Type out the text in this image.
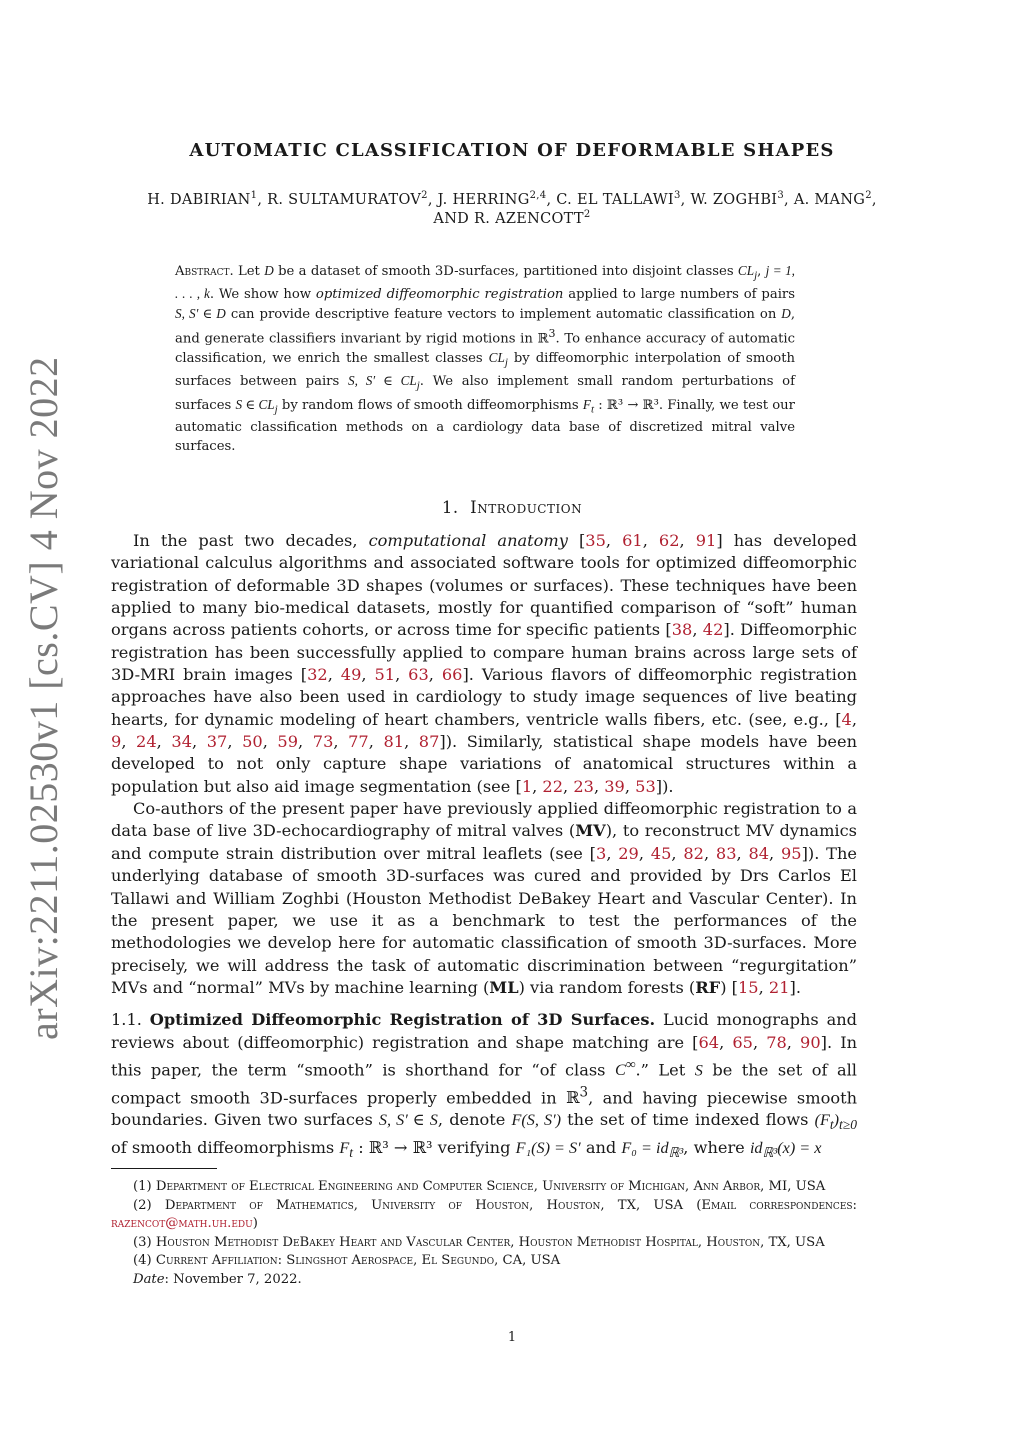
arXiv:2211.02530v1 [cs.CV] 4 Nov 2022
AUTOMATIC CLASSIFICATION OF DEFORMABLE SHAPES
H. DABIRIAN$^1$, R. SULTAMURATOV$^2$, J. HERRING$^{2,4}$, C. EL TALLAWI$^3$, W. ZOGHBI$^3$, A. MANG$^2$,
AND R. AZENCOTT$^2$
Abstract. Let D be a dataset of smooth 3D-surfaces, partitioned into disjoint classes $CL_j$, j = 1, . . . , k. We show how optimized diffeomorphic registration applied to large numbers of pairs S, S′ ∈ D can provide descriptive feature vectors to implement automatic classification on D, and generate classifiers invariant by rigid motions in ℝ$^3$. To enhance accuracy of automatic classification, we enrich the smallest classes $CL_j$ by diffeomorphic interpolation of smooth surfaces between pairs S, S′ ∈ $CL_j$. We also implement small random perturbations of surfaces S ∈ $CL_j$ by random flows of smooth diffeomorphisms $F_t$ : ℝ³ → ℝ³. Finally, we test our automatic classification methods on a cardiology data base of discretized mitral valve surfaces.
1. Introduction

In the past two decades, computational anatomy [35, 61, 62, 91] has developed variational calculus algorithms and associated software tools for optimized diffeomorphic registration of deformable 3D shapes (volumes or surfaces). These techniques have been applied to many bio-medical datasets, mostly for quantified comparison of “soft” human organs across patients cohorts, or across time for specific patients [38, 42]. Diffeomorphic registration has been successfully applied to compare human brains across large sets of 3D-MRI brain images [32, 49, 51, 63, 66]. Various flavors of diffeomorphic registration approaches have also been used in cardiology to study image sequences of live beating hearts, for dynamic modeling of heart chambers, ventricle walls fibers, etc. (see, e.g., [4, 9, 24, 34, 37, 50, 59, 73, 77, 81, 87]). Similarly, statistical shape models have been developed to not only capture shape variations of anatomical structures within a population but also aid image segmentation (see [1, 22, 23, 39, 53]).

Co-authors of the present paper have previously applied diffeomorphic registration to a data base of live 3D-echocardiography of mitral valves (MV), to reconstruct MV dynamics and compute strain distribution over mitral leaflets (see [3, 29, 45, 82, 83, 84, 95]). The underlying database of smooth 3D-surfaces was cured and provided by Drs Carlos El Tallawi and William Zoghbi (Houston Methodist DeBakey Heart and Vascular Center). In the present paper, we use it as a benchmark to test the performances of the methodologies we develop here for automatic classification of smooth 3D-surfaces. More precisely, we will address the task of automatic discrimination between “regurgitation” MVs and “normal” MVs by machine learning (ML) via random forests (RF) [15, 21].

1.1. Optimized Diffeomorphic Registration of 3D Surfaces. Lucid monographs and reviews about (diffeomorphic) registration and shape matching are [64, 65, 78, 90]. In this paper, the term “smooth” is shorthand for “of class C∞.” Let S be the set of all compact smooth 3D-surfaces properly embedded in ℝ$^3$, and having piecewise smooth boundaries. Given two surfaces S, S′ ∈ S, denote F(S, S′) the set of time indexed flows $(F_t)_{t\ge 0}$ of smooth diffeomorphisms $F_t$ : ℝ³ → ℝ³ verifying F₁(S) = S′ and $F_0 = id_{ℝ^3}$, where $id_{ℝ^3}(x) = x$

(1) Department of Electrical Engineering and Computer Science, University of Michigan, Ann Arbor, MI, USA

(2) Department of Mathematics, University of Houston, Houston, TX, USA (Email correspondences: razencot@math.uh.edu)

(3) Houston Methodist DeBakey Heart and Vascular Center, Houston Methodist Hospital, Houston, TX, USA

(4) Current Affiliation: Slingshot Aerospace, El Segundo, CA, USA

Date: November 7, 2022.

1
